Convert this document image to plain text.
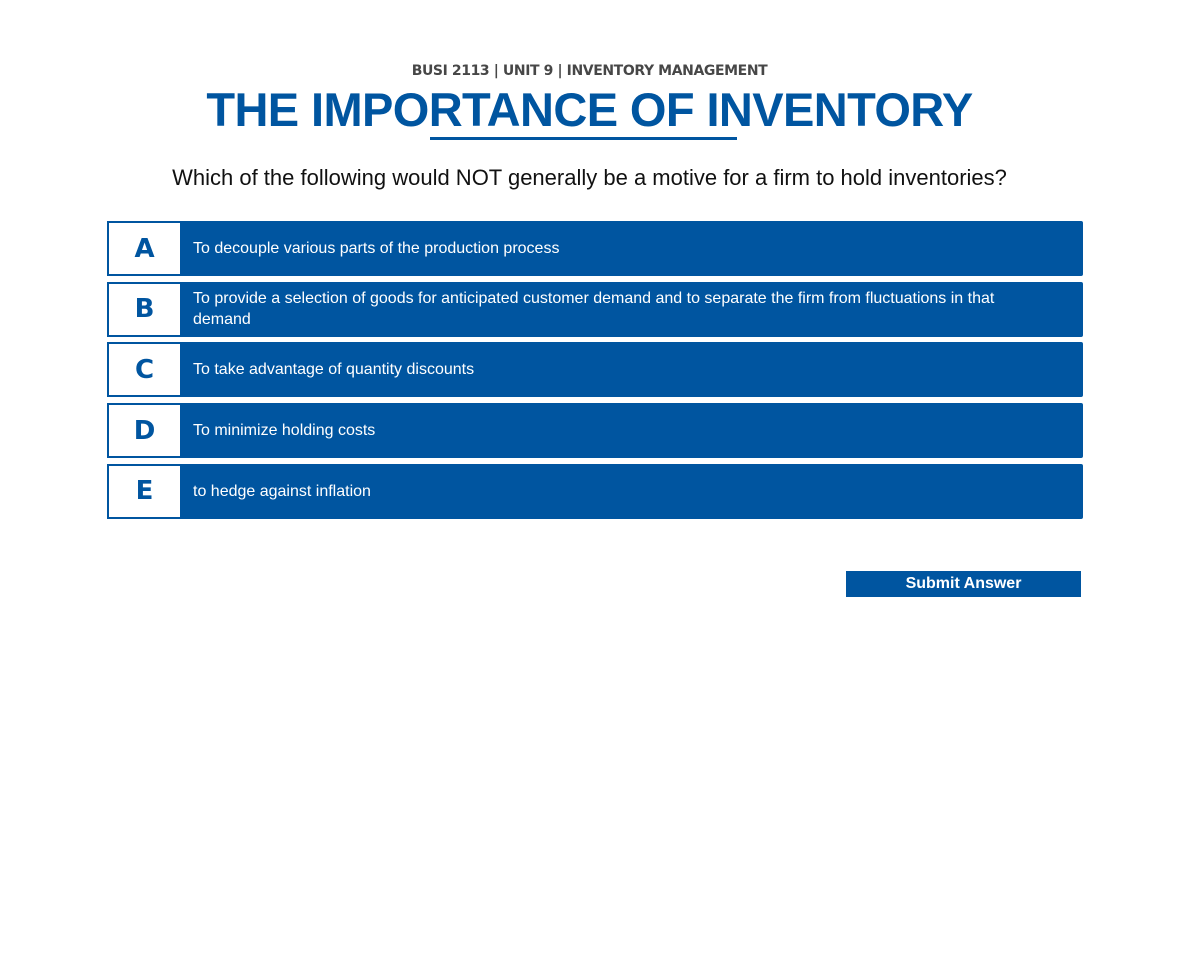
BUSI 2113 | UNIT 9 | INVENTORY MANAGEMENT
THE IMPORTANCE OF INVENTORY
Which of the following would NOT generally be a motive for a firm to hold inventories?
A	To decouple various parts of the production process
B	To provide a selection of goods for anticipated customer demand and to separate the firm from fluctuations in that demand
C	To take advantage of quantity discounts
D	To minimize holding costs
E	to hedge against inflation
Submit Answer
